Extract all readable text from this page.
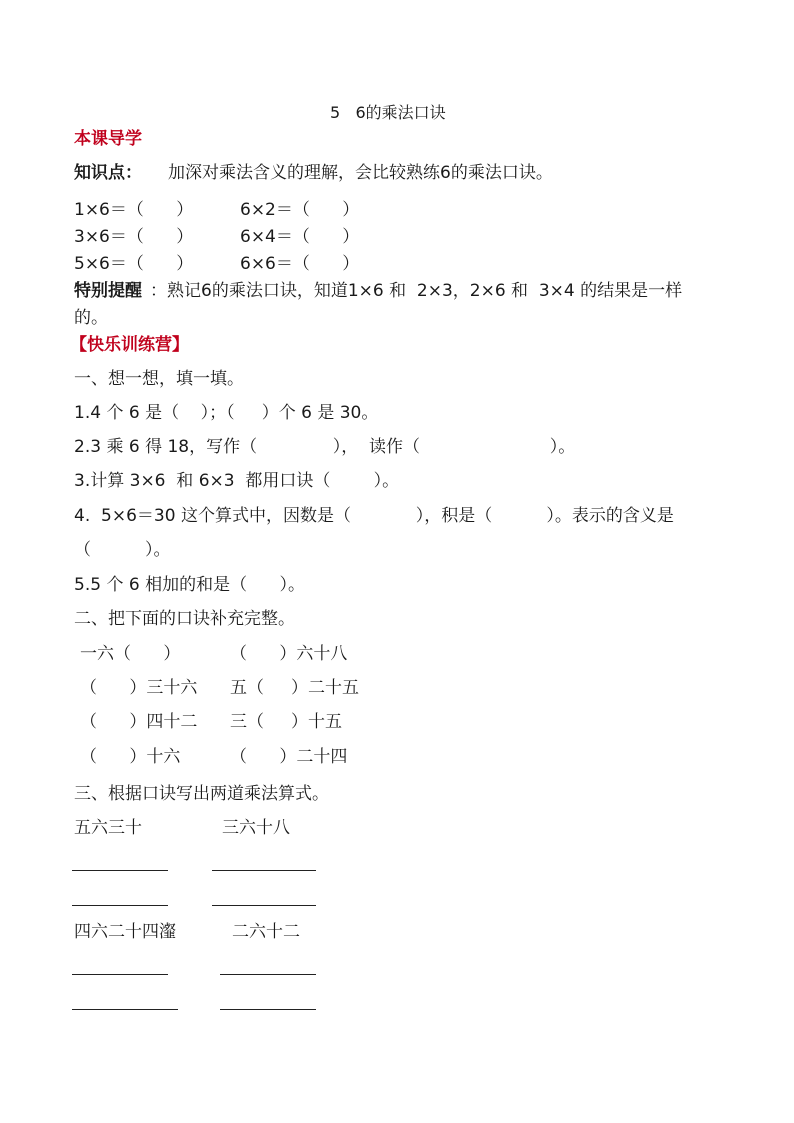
5   6的乘法口诀
本课导学
知识点： 加深对乘法含义的理解，会比较熟练6的乘法口诀。
1×6＝（      ）	6×2＝（      ）
3×6＝（      ）	6×4＝（      ）
5×6＝（      ）	6×6＝（      ）
特别提醒 ：熟记6的乘法口诀，知道1×6 和  2×3，2×6 和  3×4 的结果是一样
的。
【快乐训练营】
一、想一想，填一填。
1.4 个 6 是（    ）；（     ）个 6 是 30。
2.3 乘 6 得 18，写作（              ），  读作（                        ）。
3.计算 3×6  和 6×3  都用口诀（        ）。
4.  5×6＝30 这个算式中，因数是（            ），积是（          ）。表示的含义是
（          ）。
5.5 个 6 相加的和是（      ）。
二、把下面的口诀补充完整。
一六（      ）	（      ）六十八
（      ）三十六 五（     ）二十五
（      ）四十二 三（     ）十五
（      ）十六	（      ）二十四
三、根据口诀写出两道乘法算式。
五六三十	三六十八
四六二十四瀣	二六十二
